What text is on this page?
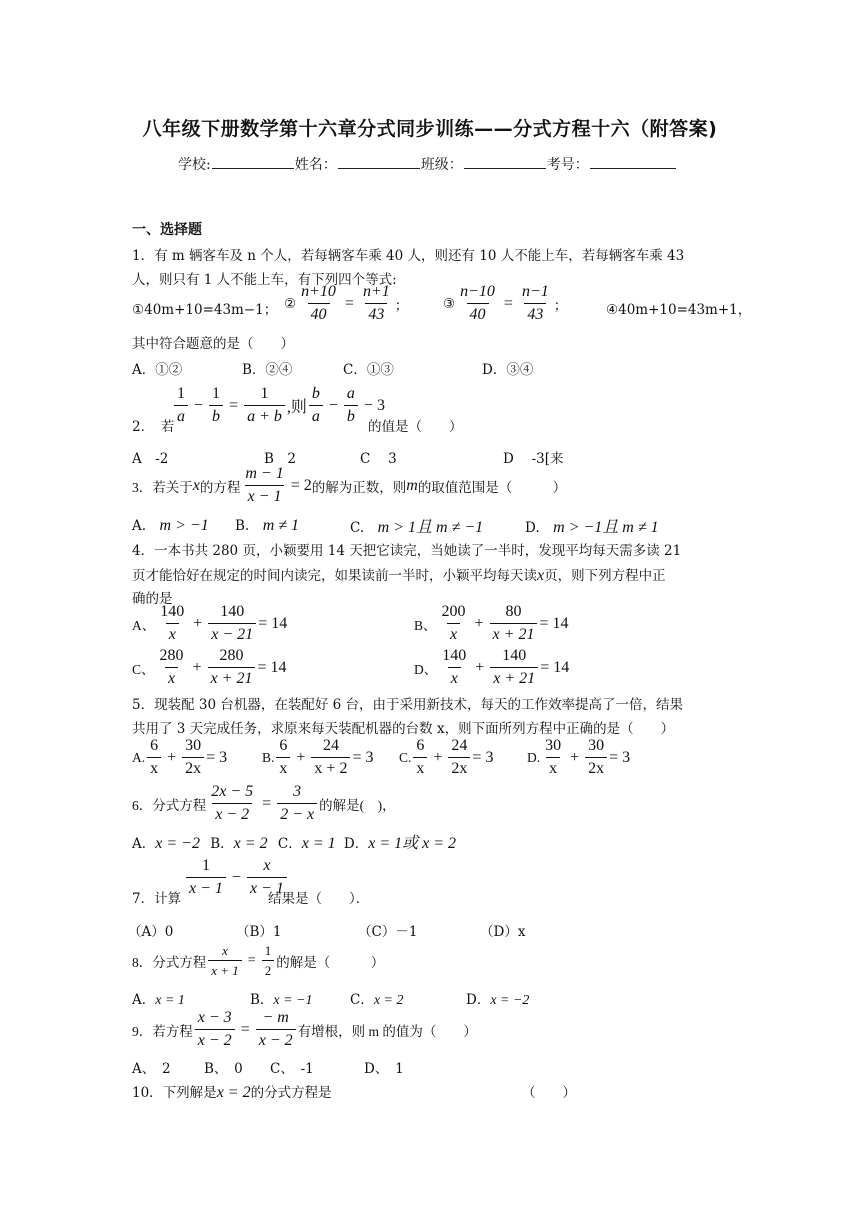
八年级下册数学第十六章分式同步训练——分式方程十六（附答案)
学校:	姓名：	班级：	考号：
一、选择题
1．有 m 辆客车及 n 个人，若每辆客车乘 40 人，则还有 10 人不能上车，若每辆客车乘 43
人，则只有 1 人不能上车，有下列四个等式:
①40m+10=43m−1； ② $\frac{n+10}{40} = \frac{n+1}{43}$ ；	③ $\frac{n-10}{40} = \frac{n-1}{43}$ ；	④40m+10=43m+1，
其中符合题意的是（　　）
A．①②	B．②④	C．①③	D．③④
2．　若
$\frac{1}{a} - \frac{1}{b} = \frac{1}{a + b}$ ,则 $\frac{b}{a} - \frac{a}{b} - 3$
的值是（　　）
A　-2	B　2	C　 3	D　 -3[来
3．若关于 x 的方程 $\frac{m - 1}{x - 1} = 2$ 的解为正数，则 m 的取值范围是（　　　）
A.　 m > −1 B.　 m ≠ 1	C.　 m > 1且 m ≠ −1	D.　 m > −1且 m ≠ 1
4．一本书共 280 页，小颖要用 14 天把它读完，当她读了一半时，发现平均每天需多读 21
页才能恰好在规定的时间内读完，如果读前一半时，小颖平均每天读x页，则下列方程中正
确的是
A、 $\frac{140}{x} + \frac{140}{x - 21} = 14$	B、 $\frac{200}{x} + \frac{80}{x + 21} = 14$
C、 $\frac{280}{x} + \frac{280}{x + 21} = 14$	D、 $\frac{140}{x} + \frac{140}{x + 21} = 14$
5．现装配 30 台机器，在装配好 6 台，由于采用新技术，每天的工作效率提高了一倍，结果
共用了 3 天完成任务，求原来每天装配机器的台数 x，则下面所列方程中正确的是（　　）
A. $\frac{6}{x} + \frac{30}{2x} = 3$	B. $\frac{6}{x} + \frac{24}{x + 2} = 3$ C. $\frac{6}{x} + \frac{24}{2x} = 3$ D. $\frac{30}{x} + \frac{30}{2x} = 3$
6．分式方程 $\frac{2x - 5}{x - 2} = \frac{3}{2 - x}$ 的解是(　)，
A．x = −2 B．x = 2 C．x = 1 D．x = 1或 x = 2
$\frac{1}{x - 1} - \frac{x}{x - 1}$
7．计算	结果是（　　）．
（A）0	（B）1	（C）－1	（D）x
8．分式方程 $\frac{x}{x + 1} = \frac{1}{2}$ 的解是（　　　）
A．x = 1	B．x = −1	C．x = 2	D．x = −2
9．若方程 $\frac{x - 3}{x - 2} = \frac{- m}{x - 2}$ 有增根，则 m 的值为（　　）
A、　2 B、　0 C、　-1	D、　1
10．下列解是x = 2的分式方程是	（　　）
